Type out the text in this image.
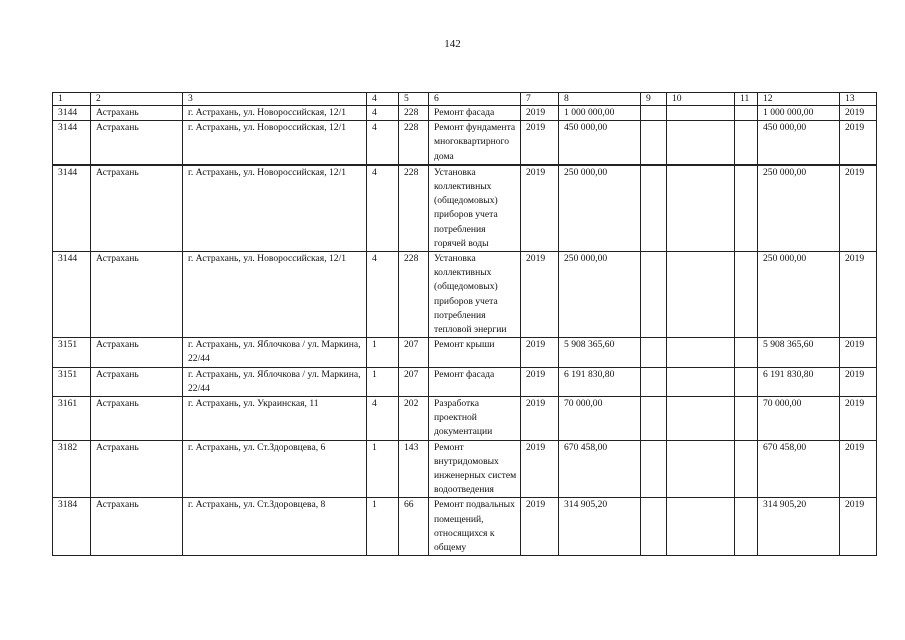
142
1	2	3	4	5	6	7	8	9	10	11	12	13
3144	Астрахань	г. Астрахань, ул. Новороссийская, 12/1	4	228	Ремонт фасада	2019	1 000 000,00				1 000 000,00	2019
3144	Астрахань	г. Астрахань, ул. Новороссийская, 12/1	4	228	Ремонт фундамента многоквартирного дома	2019	450 000,00				450 000,00	2019
3144	Астрахань	г. Астрахань, ул. Новороссийская, 12/1	4	228	Установка коллективных (общедомовых) приборов учета потребления горячей воды	2019	250 000,00				250 000,00	2019
3144	Астрахань	г. Астрахань, ул. Новороссийская, 12/1	4	228	Установка коллективных (общедомовых) приборов учета потребления тепловой энергии	2019	250 000,00				250 000,00	2019
3151	Астрахань	г. Астрахань, ул. Яблочкова / ул. Маркина, 22/44	1	207	Ремонт крыши	2019	5 908 365,60				5 908 365,60	2019
3151	Астрахань	г. Астрахань, ул. Яблочкова / ул. Маркина, 22/44	1	207	Ремонт фасада	2019	6 191 830,80				6 191 830,80	2019
3161	Астрахань	г. Астрахань, ул. Украинская, 11	4	202	Разработка проектной документации	2019	70 000,00				70 000,00	2019
3182	Астрахань	г. Астрахань, ул. Ст.Здоровцева, 6	1	143	Ремонт внутридомовых инженерных систем водоотведения	2019	670 458,00				670 458,00	2019
3184	Астрахань	г. Астрахань, ул. Ст.Здоровцева, 8	1	66	Ремонт подвальных помещений, относящихся к общему	2019	314 905,20				314 905,20	2019
